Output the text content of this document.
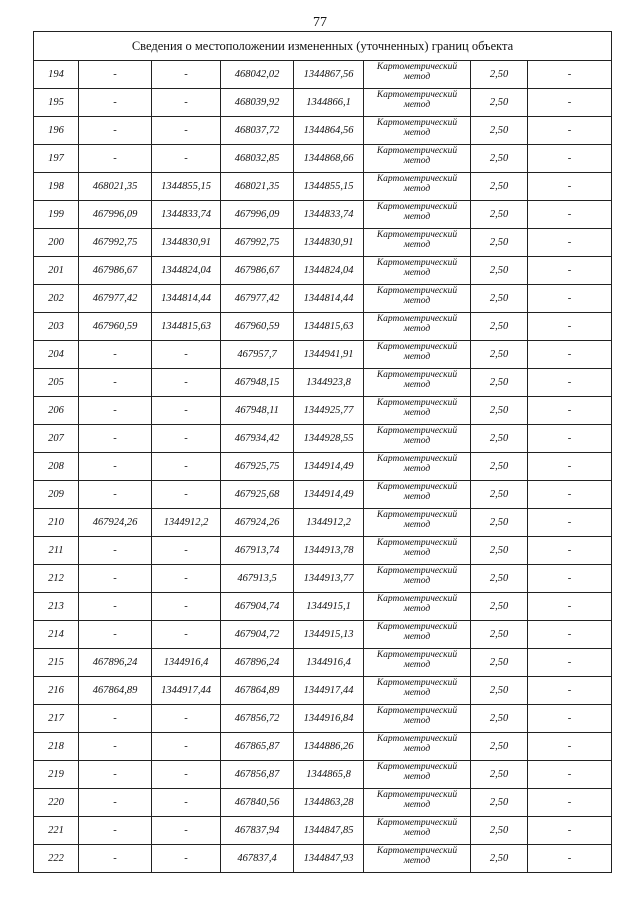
77
Сведения о местоположении измененных (уточненных) границ объекта							
194	-	-	468042,02	1344867,56	Картометрический метод	2,50	-
195	-	-	468039,92	1344866,1	Картометрический метод	2,50	-
196	-	-	468037,72	1344864,56	Картометрический метод	2,50	-
197	-	-	468032,85	1344868,66	Картометрический метод	2,50	-
198	468021,35	1344855,15	468021,35	1344855,15	Картометрический метод	2,50	-
199	467996,09	1344833,74	467996,09	1344833,74	Картометрический метод	2,50	-
200	467992,75	1344830,91	467992,75	1344830,91	Картометрический метод	2,50	-
201	467986,67	1344824,04	467986,67	1344824,04	Картометрический метод	2,50	-
202	467977,42	1344814,44	467977,42	1344814,44	Картометрический метод	2,50	-
203	467960,59	1344815,63	467960,59	1344815,63	Картометрический метод	2,50	-
204	-	-	467957,7	1344941,91	Картометрический метод	2,50	-
205	-	-	467948,15	1344923,8	Картометрический метод	2,50	-
206	-	-	467948,11	1344925,77	Картометрический метод	2,50	-
207	-	-	467934,42	1344928,55	Картометрический метод	2,50	-
208	-	-	467925,75	1344914,49	Картометрический метод	2,50	-
209	-	-	467925,68	1344914,49	Картометрический метод	2,50	-
210	467924,26	1344912,2	467924,26	1344912,2	Картометрический метод	2,50	-
211	-	-	467913,74	1344913,78	Картометрический метод	2,50	-
212	-	-	467913,5	1344913,77	Картометрический метод	2,50	-
213	-	-	467904,74	1344915,1	Картометрический метод	2,50	-
214	-	-	467904,72	1344915,13	Картометрический метод	2,50	-
215	467896,24	1344916,4	467896,24	1344916,4	Картометрический метод	2,50	-
216	467864,89	1344917,44	467864,89	1344917,44	Картометрический метод	2,50	-
217	-	-	467856,72	1344916,84	Картометрический метод	2,50	-
218	-	-	467865,87	1344886,26	Картометрический метод	2,50	-
219	-	-	467856,87	1344865,8	Картометрический метод	2,50	-
220	-	-	467840,56	1344863,28	Картометрический метод	2,50	-
221	-	-	467837,94	1344847,85	Картометрический метод	2,50	-
222	-	-	467837,4	1344847,93	Картометрический метод	2,50	-
